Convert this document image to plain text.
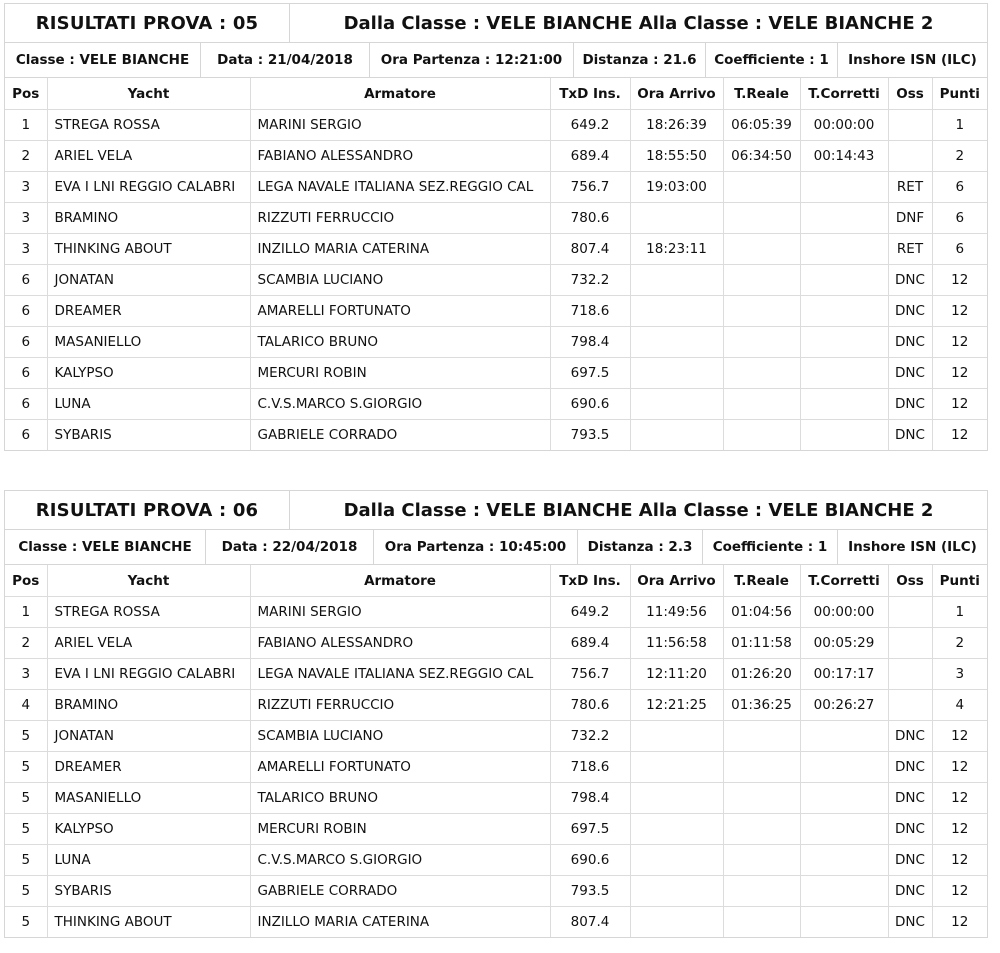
RISULTATI PROVA : 05	Dalla Classe : VELE BIANCHE Alla Classe : VELE BIANCHE 2
Classe : VELE BIANCHE	Data : 21/04/2018	Ora Partenza : 12:21:00	Distanza : 21.6	Coefficiente : 1	Inshore ISN (ILC)
Pos	Yacht	Armatore	TxD Ins.	Ora Arrivo	T.Reale	T.Corretti	Oss	Punti
1	STREGA ROSSA	MARINI SERGIO	649.2	18:26:39	06:05:39	00:00:00		1
2	ARIEL VELA	FABIANO ALESSANDRO	689.4	18:55:50	06:34:50	00:14:43		2
3	EVA I LNI REGGIO CALABRI	LEGA NAVALE ITALIANA SEZ.REGGIO CAL	756.7	19:03:00			RET	6
3	BRAMINO	RIZZUTI FERRUCCIO	780.6				DNF	6
3	THINKING ABOUT	INZILLO MARIA CATERINA	807.4	18:23:11			RET	6
6	JONATAN	SCAMBIA LUCIANO	732.2				DNC	12
6	DREAMER	AMARELLI FORTUNATO	718.6				DNC	12
6	MASANIELLO	TALARICO BRUNO	798.4				DNC	12
6	KALYPSO	MERCURI ROBIN	697.5				DNC	12
6	LUNA	C.V.S.MARCO S.GIORGIO	690.6				DNC	12
6	SYBARIS	GABRIELE CORRADO	793.5				DNC	12
RISULTATI PROVA : 06	Dalla Classe : VELE BIANCHE Alla Classe : VELE BIANCHE 2
Classe : VELE BIANCHE	Data : 22/04/2018	Ora Partenza : 10:45:00	Distanza : 2.3	Coefficiente : 1	Inshore ISN (ILC)
Pos	Yacht	Armatore	TxD Ins.	Ora Arrivo	T.Reale	T.Corretti	Oss	Punti
1	STREGA ROSSA	MARINI SERGIO	649.2	11:49:56	01:04:56	00:00:00		1
2	ARIEL VELA	FABIANO ALESSANDRO	689.4	11:56:58	01:11:58	00:05:29		2
3	EVA I LNI REGGIO CALABRI	LEGA NAVALE ITALIANA SEZ.REGGIO CAL	756.7	12:11:20	01:26:20	00:17:17		3
4	BRAMINO	RIZZUTI FERRUCCIO	780.6	12:21:25	01:36:25	00:26:27		4
5	JONATAN	SCAMBIA LUCIANO	732.2				DNC	12
5	DREAMER	AMARELLI FORTUNATO	718.6				DNC	12
5	MASANIELLO	TALARICO BRUNO	798.4				DNC	12
5	KALYPSO	MERCURI ROBIN	697.5				DNC	12
5	LUNA	C.V.S.MARCO S.GIORGIO	690.6				DNC	12
5	SYBARIS	GABRIELE CORRADO	793.5				DNC	12
5	THINKING ABOUT	INZILLO MARIA CATERINA	807.4				DNC	12
